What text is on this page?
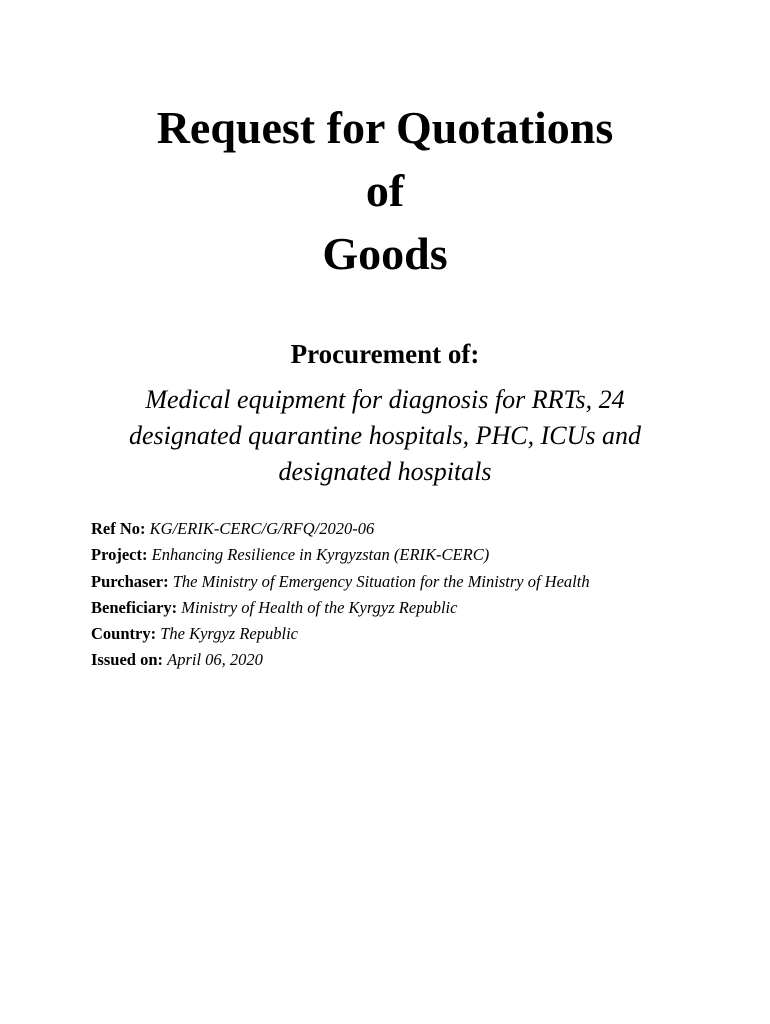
Request for Quotations
of
Goods
Procurement of:
Medical equipment for diagnosis for RRTs, 24 designated quarantine hospitals, PHC, ICUs and designated hospitals
Ref No: KG/ERIK-CERC/G/RFQ/2020-06
Project: Enhancing Resilience in Kyrgyzstan (ERIK-CERC)
Purchaser: The Ministry of Emergency Situation for the Ministry of Health
Beneficiary: Ministry of Health of the Kyrgyz Republic
Country: The Kyrgyz Republic
Issued on: April 06, 2020
